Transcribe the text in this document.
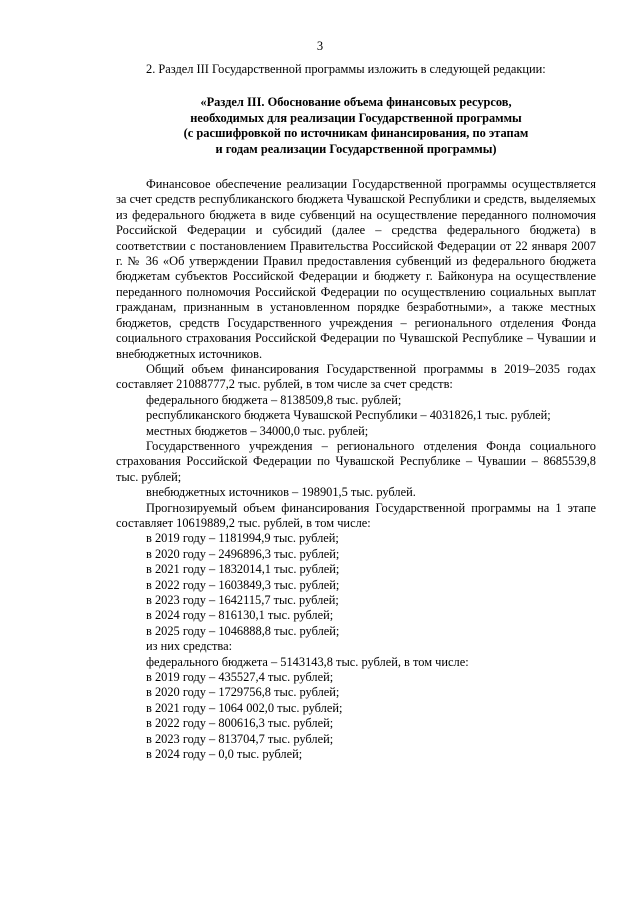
3

2. Раздел III Государственной программы изложить в следующей редакции:

«Раздел III. Обоснование объема финансовых ресурсов,
необходимых для реализации Государственной программы
(с расшифровкой по источникам финансирования, по этапам
и годам реализации Государственной программы)

Финансовое обеспечение реализации Государственной программы осуществляется за счет средств республиканского бюджета Чувашской Республики и средств, выделяемых из федерального бюджета в виде субвенций на осуществление переданного полномочия Российской Федерации и субсидий (далее – средства федерального бюджета) в соответствии с постановлением Правительства Российской Федерации от 22 января 2007 г. № 36 «Об утверждении Правил предоставления субвенций из федерального бюджета бюджетам субъектов Российской Федерации и бюджету г. Байконура на осуществление переданного полномочия Российской Федерации по осуществлению социальных выплат гражданам, признанным в установленном порядке безработными», а также местных бюджетов, средств Государственного учреждения – регионального отделения Фонда социального страхования Российской Федерации по Чувашской Республике – Чувашии и внебюджетных источников.

Общий объем финансирования Государственной программы в 2019–2035 годах составляет 21088777,2 тыс. рублей, в том числе за счет средств:

федерального бюджета – 8138509,8 тыс. рублей;

республиканского бюджета Чувашской Республики – 4031826,1 тыс. рублей;

местных бюджетов – 34000,0 тыс. рублей;

Государственного учреждения – регионального отделения Фонда социального страхования Российской Федерации по Чувашской Республике – Чувашии – 8685539,8 тыс. рублей;

внебюджетных источников – 198901,5 тыс. рублей.

Прогнозируемый объем финансирования Государственной программы на 1 этапе составляет 10619889,2 тыс. рублей, в том числе:

в 2019 году – 1181994,9 тыс. рублей;

в 2020 году – 2496896,3 тыс. рублей;

в 2021 году – 1832014,1 тыс. рублей;

в 2022 году – 1603849,3 тыс. рублей;

в 2023 году – 1642115,7 тыс. рублей;

в 2024 году – 816130,1 тыс. рублей;

в 2025 году – 1046888,8 тыс. рублей;

из них средства:

федерального бюджета – 5143143,8 тыс. рублей, в том числе:

в 2019 году – 435527,4 тыс. рублей;

в 2020 году – 1729756,8 тыс. рублей;

в 2021 году – 1064 002,0 тыс. рублей;

в 2022 году – 800616,3 тыс. рублей;

в 2023 году – 813704,7 тыс. рублей;

в 2024 году – 0,0 тыс. рублей;
